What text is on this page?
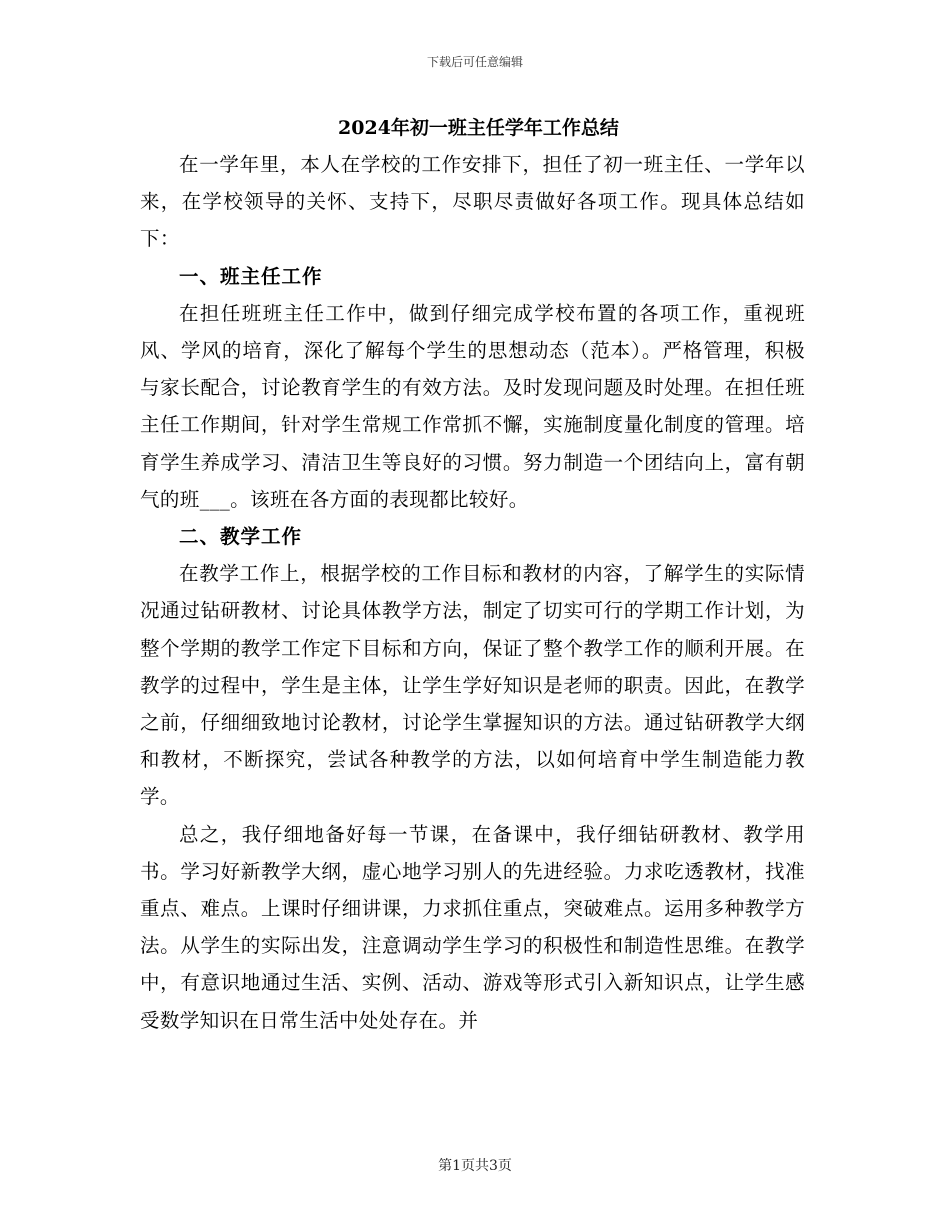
下载后可任意编辑
2024年初一班主任学年工作总结

在一学年里，本人在学校的工作安排下，担任了初一班主任、一学年以来，在学校领导的关怀、支持下，尽职尽责做好各项工作。现具体总结如下：

一、班主任工作

在担任班班主任工作中，做到仔细完成学校布置的各项工作，重视班风、学风的培育，深化了解每个学生的思想动态（范本）。严格管理，积极与家长配合，讨论教育学生的有效方法。及时发现问题及时处理。在担任班主任工作期间，针对学生常规工作常抓不懈，实施制度量化制度的管理。培育学生养成学习、清洁卫生等良好的习惯。努力制造一个团结向上，富有朝气的班___。该班在各方面的表现都比较好。

二、教学工作

在教学工作上，根据学校的工作目标和教材的内容，了解学生的实际情况通过钻研教材、讨论具体教学方法，制定了切实可行的学期工作计划，为整个学期的教学工作定下目标和方向，保证了整个教学工作的顺利开展。在教学的过程中，学生是主体，让学生学好知识是老师的职责。因此，在教学之前，仔细细致地讨论教材，讨论学生掌握知识的方法。通过钻研教学大纲和教材，不断探究，尝试各种教学的方法，以如何培育中学生制造能力教学。

总之，我仔细地备好每一节课，在备课中，我仔细钻研教材、教学用书。学习好新教学大纲，虚心地学习别人的先进经验。力求吃透教材，找准重点、难点。上课时仔细讲课，力求抓住重点，突破难点。运用多种教学方法。从学生的实际出发，注意调动学生学习的积极性和制造性思维。在教学中，有意识地通过生活、实例、活动、游戏等形式引入新知识点，让学生感受数学知识在日常生活中处处存在。并

第1页共3页
